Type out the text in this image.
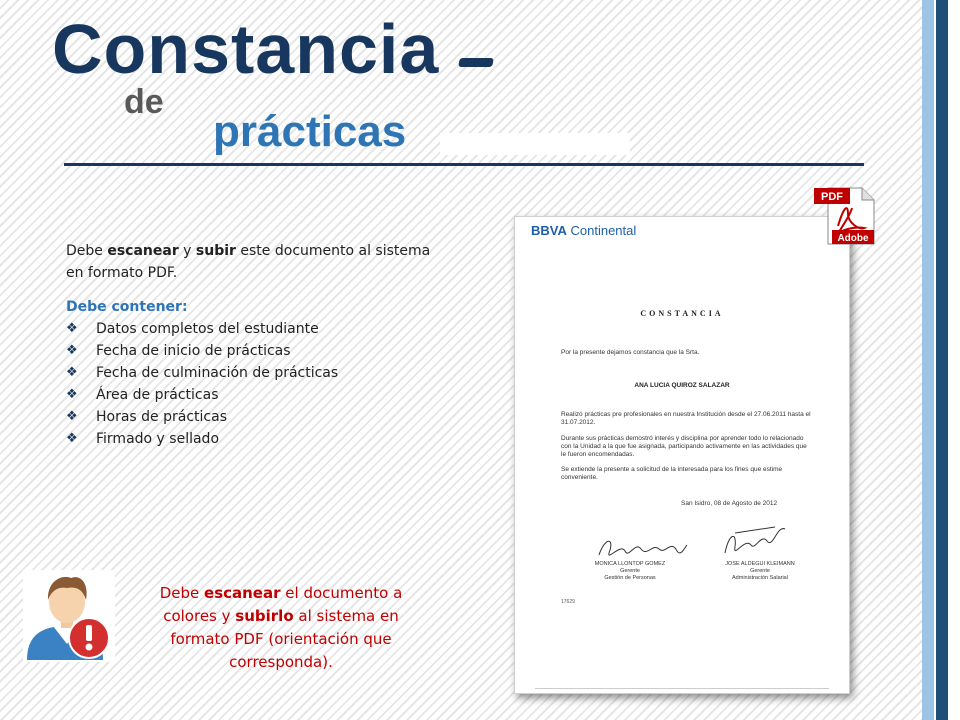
Constancia
de
prácticas
Debe escanear y subir este documento al sistema en formato PDF.
Debe contener:
❖	Datos completos del estudiante
❖	Fecha de inicio de prácticas
❖	Fecha de culminación de prácticas
❖	Área de prácticas
❖	Horas de prácticas
❖	Firmado y sellado
BBVA Continental
CONSTANCIA
Por la presente dejamos constancia que la Srta.
ANA LUCIA QUIROZ SALAZAR
Realizó prácticas pre profesionales en nuestra Institución desde el 27.06.2011 hasta el 31.07.2012.
Durante sus prácticas demostró interés y disciplina por aprender todo lo relacionado con la Unidad a la que fue asignada, participando activamente en las actividades que le fueron encomendadas.
Se extiende la presente a solicitud de la interesada para los fines que estime conveniente.
San Isidro, 08 de Agosto de 2012
MONICA LLONTOP GOMEZ
Gerente
Gestión de Personas
JOSE ALDEGUI KLEIMANN
Gerente
Administración Salarial
17629
PDF
Adobe
Debe escanear el documento a colores y subirlo al sistema en formato PDF (orientación que corresponda).
